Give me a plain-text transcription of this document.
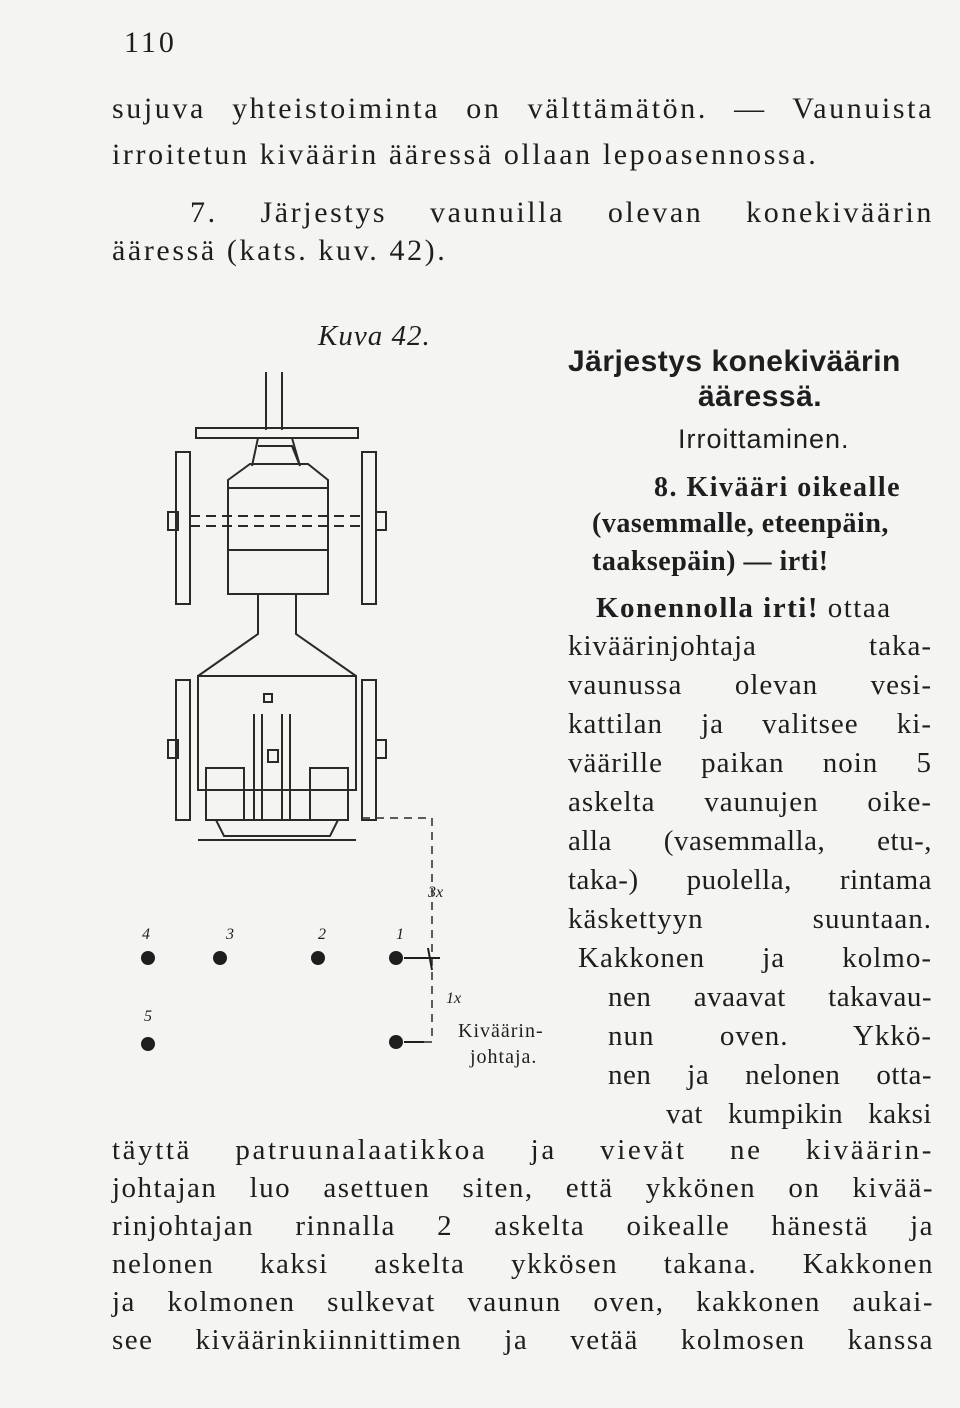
110
sujuva yhteistoiminta on välttämätön. — Vaunuista
irroitetun kiväärin ääressä ollaan lepoasennossa.
7. Järjestys vaunuilla olevan konekiväärin
ääressä (kats. kuv. 42).
Kuva 42.
Järjestys konekiväärin
ääressä.
Irroittaminen.
8. Kivääri oikealle
(vasemmalle, eteenpäin,
taaksepäin) — irti!
Konennolla irti! ottaa
kiväärinjohtaja taka-
vaunussa olevan vesi-
kattilan ja valitsee ki-
väärille paikan noin 5
askelta vaunujen oike-
alla (vasemmalla, etu-,
taka-) puolella, rintama
käskettyyn suuntaan.
Kakkonen ja kolmo-
nen avaavat takavau-
nun oven. Ykkö-
nen ja nelonen otta-
vat kumpikin kaksi
täyttä patruunalaatikkoa ja vievät ne kiväärin-
johtajan luo asettuen siten, että ykkönen on kivää-
rinjohtajan rinnalla 2 askelta oikealle hänestä ja
nelonen kaksi askelta ykkösen takana. Kakkonen
ja kolmonen sulkevat vaunun oven, kakkonen aukai-
see kiväärinkiinnittimen ja vetää kolmosen kanssa
4	3	2	1
5
3x
1x
Kiväärin-
johtaja.
